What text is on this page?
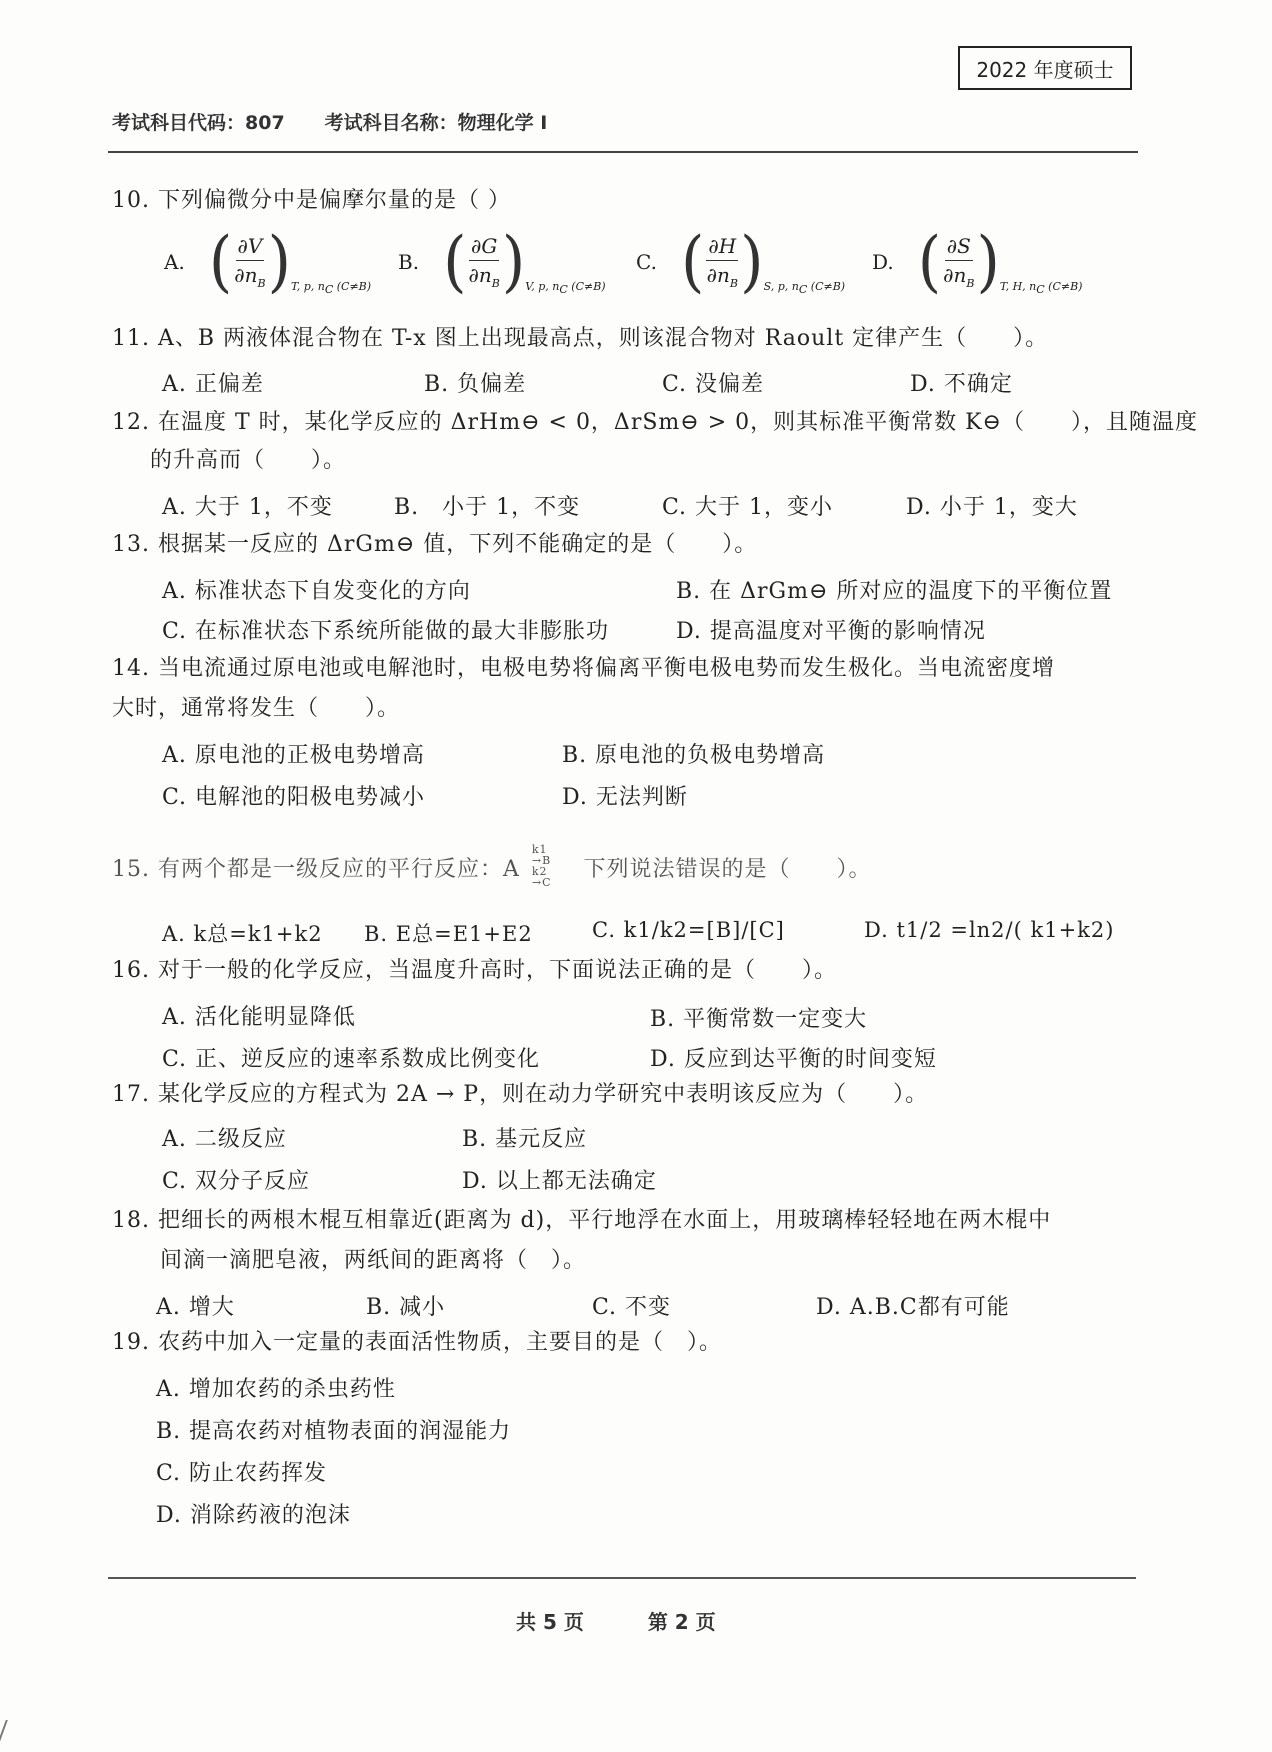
2022 年度硕士
考试科目代码：807 考试科目名称：物理化学 I
10. 下列偏微分中是偏摩尔量的是（ ）
A. ( $\frac{\partial V}{\partial n_B}$ ) T, p, nC (C≠B)
B. ( $\frac{\partial G}{\partial n_B}$ ) V, p, nC (C≠B)
C. ( $\frac{\partial H}{\partial n_B}$ ) S, p, nC (C≠B)
D. ( $\frac{\partial S}{\partial n_B}$ ) T, H, nC (C≠B)
11. A、B 两液体混合物在 T-x 图上出现最高点，则该混合物对 Raoult 定律产生（　　）。
A. 正偏差	B. 负偏差	C. 没偏差	D. 不确定
12. 在温度 T 时，某化学反应的 ΔrHm⊖ < 0，ΔrSm⊖ > 0，则其标准平衡常数 K⊖（　　），且随温度
的升高而（　　）。
A. 大于 1，不变	B.　小于 1，不变	C. 大于 1，变小	D. 小于 1，变大
13. 根据某一反应的 ΔrGm⊖ 值，下列不能确定的是（　　）。
A. 标准状态下自发变化的方向	B. 在 ΔrGm⊖ 所对应的温度下的平衡位置
C. 在标准状态下系统所能做的最大非膨胀功	D. 提高温度对平衡的影响情况
14. 当电流通过原电池或电解池时，电极电势将偏离平衡电极电势而发生极化。当电流密度增
大时，通常将发生（　　）。
A. 原电池的正极电势增高	B. 原电池的负极电势增高
C. 电解池的阳极电势减小	D. 无法判断
15. 有两个都是一级反应的平行反应：A
k1
→B
k2
→C
下列说法错误的是（　　）。
A. k总=k1+k2 B. E总=E1+E2	C. k1/k2=[B]/[C]	D. t1/2 =ln2/( k1+k2)
16. 对于一般的化学反应，当温度升高时，下面说法正确的是（　　）。
A. 活化能明显降低	B. 平衡常数一定变大
C. 正、逆反应的速率系数成比例变化	D. 反应到达平衡的时间变短
17. 某化学反应的方程式为 2A → P，则在动力学研究中表明该反应为（　　）。
A. 二级反应	B. 基元反应
C. 双分子反应	D. 以上都无法确定
18. 把细长的两根木棍互相靠近(距离为 d)，平行地浮在水面上，用玻璃棒轻轻地在两木棍中
间滴一滴肥皂液，两纸间的距离将（　）。
A. 增大	B. 减小	C. 不变	D. A.B.C都有可能
19. 农药中加入一定量的表面活性物质，主要目的是（　）。
A. 增加农药的杀虫药性
B. 提高农药对植物表面的润湿能力
C. 防止农药挥发
D. 消除药液的泡沫
共 5 页	第 2 页
